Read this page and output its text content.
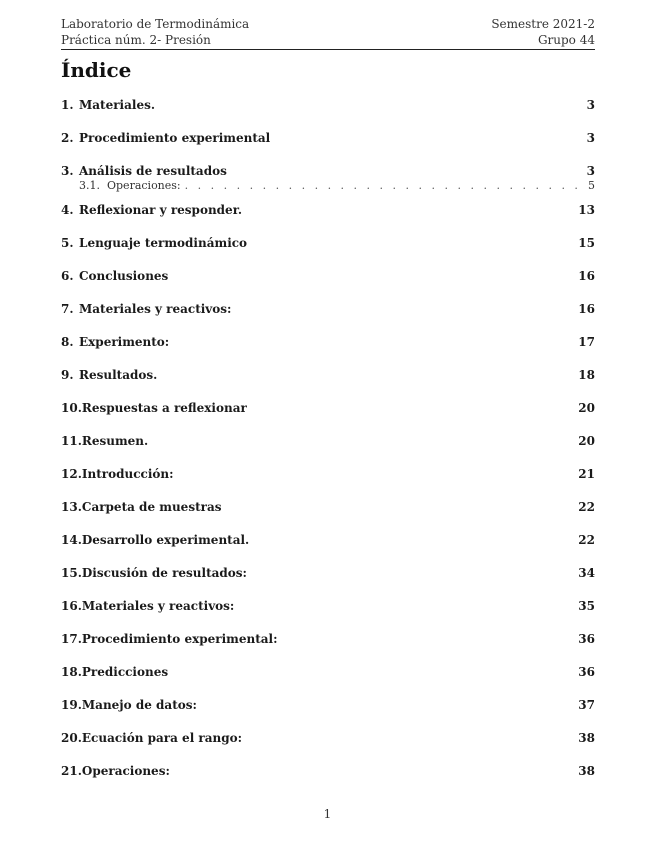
Laboratorio de Termodinámica	Semestre 2021-2
Práctica núm. 2- Presión	Grupo 44
Índice
1. Materiales.	3
2. Procedimiento experimental	3
3. Análisis de resultados	3
3.1. Operaciones: . . .	5
4. Reflexionar y responder.	13
5. Lenguaje termodinámico	15
6. Conclusiones	16
7. Materiales y reactivos:	16
8. Experimento:	17
9. Resultados.	18
10. Respuestas a reflexionar	20
11. Resumen.	20
12. Introducción:	21
13. Carpeta de muestras	22
14. Desarrollo experimental.	22
15. Discusión de resultados:	34
16. Materiales y reactivos:	35
17. Procedimiento experimental:	36
18. Predicciones	36
19. Manejo de datos:	37
20. Ecuación para el rango:	38
21. Operaciones:	38
1
